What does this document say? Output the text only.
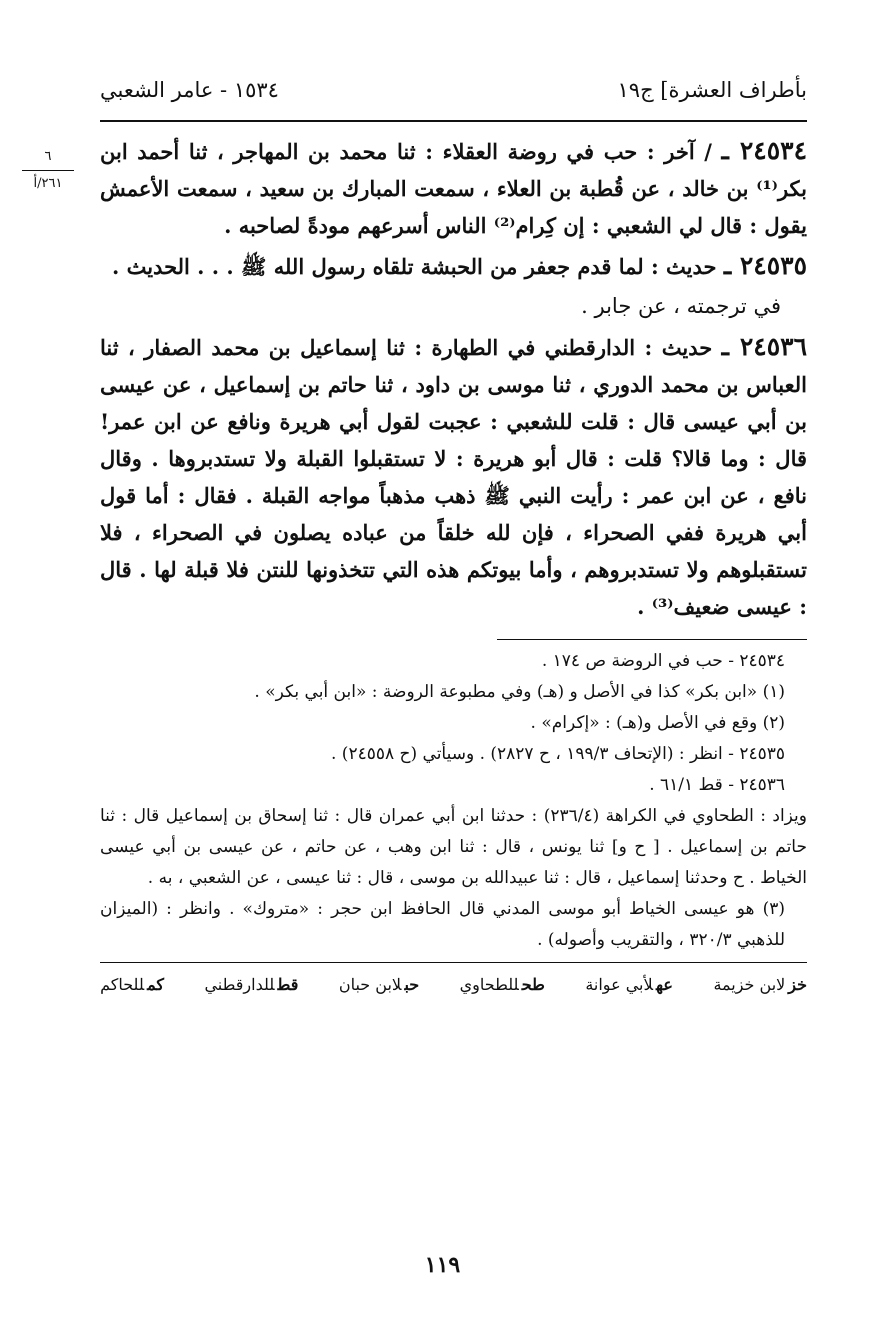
٦
٢٦١/أ
بأطراف العشرة] ج١٩
١٥٣٤ - عامر الشعبي

٢٤٥٣٤ ـ / آخر : حب في روضة العقلاء : ثنا محمد بن المهاجر ، ثنا أحمد ابن بكر⁽¹⁾ بن خالد ، عن قُطبة بن العلاء ، سمعت المبارك بن سعيد ، سمعت الأعمش يقول : قال لي الشعبي : إن كِرام⁽²⁾ الناس أسرعهم مودةً لصاحبه .

٢٤٥٣٥ ـ حديث : لما قدم جعفر من الحبشة تلقاه رسول الله ﷺ . . . الحديث .

في ترجمته ، عن جابر .

٢٤٥٣٦ ـ حديث : الدارقطني في الطهارة : ثنا إسماعيل بن محمد الصفار ، ثنا العباس بن محمد الدوري ، ثنا موسى بن داود ، ثنا حاتم بن إسماعيل ، عن عيسى بن أبي عيسى قال : قلت للشعبي : عجبت لقول أبي هريرة ونافع عن ابن عمر! قال : وما قالا؟ قلت : قال أبو هريرة : لا تستقبلوا القبلة ولا تستدبروها . وقال نافع ، عن ابن عمر : رأيت النبي ﷺ ذهب مذهباً مواجه القبلة . فقال : أما قول أبي هريرة ففي الصحراء ، فإن لله خلقاً من عباده يصلون في الصحراء ، فلا تستقبلوهم ولا تستدبروهم ، وأما بيوتكم هذه التي تتخذونها للنتن فلا قبلة لها . قال : عيسى ضعيف⁽³⁾ .

٢٤٥٣٤ - حب في الروضة ص ١٧٤ .
(١) «ابن بكر» كذا في الأصل و (هـ) وفي مطبوعة الروضة : «ابن أبي بكر» .
(٢) وقع في الأصل و(هـ) : «إكرام» .
٢٤٥٣٥ - انظر : (الإتحاف ١٩٩/٣ ، ح ٢٨٢٧) . وسيأتي (ح ٢٤٥٥٨) .
٢٤٥٣٦ - قط ٦١/١ .
ويزاد : الطحاوي في الكراهة (٢٣٦/٤) : حدثنا ابن أبي عمران قال : ثنا إسحاق بن إسماعيل قال : ثنا حاتم بن إسماعيل . [ ح و] ثنا يونس ، قال : ثنا ابن وهب ، عن حاتم ، عن عيسى بن أبي عيسى الخياط . ح وحدثنا إسماعيل ، قال : ثنا عبيدالله بن موسى ، قال : ثنا عيسى ، عن الشعبي ، به .
(٣) هو عيسى الخياط أبو موسى المدني قال الحافظ ابن حجر : «متروك» . وانظر : (الميزان للذهبي ٣٢٠/٣ ، والتقريب وأصوله) .
خزلابن خزيمة
عهلأبي عوانة
طحللطحاوي
حبلابن حبان
قطللدارقطني
كمللحاكم
١١٩
